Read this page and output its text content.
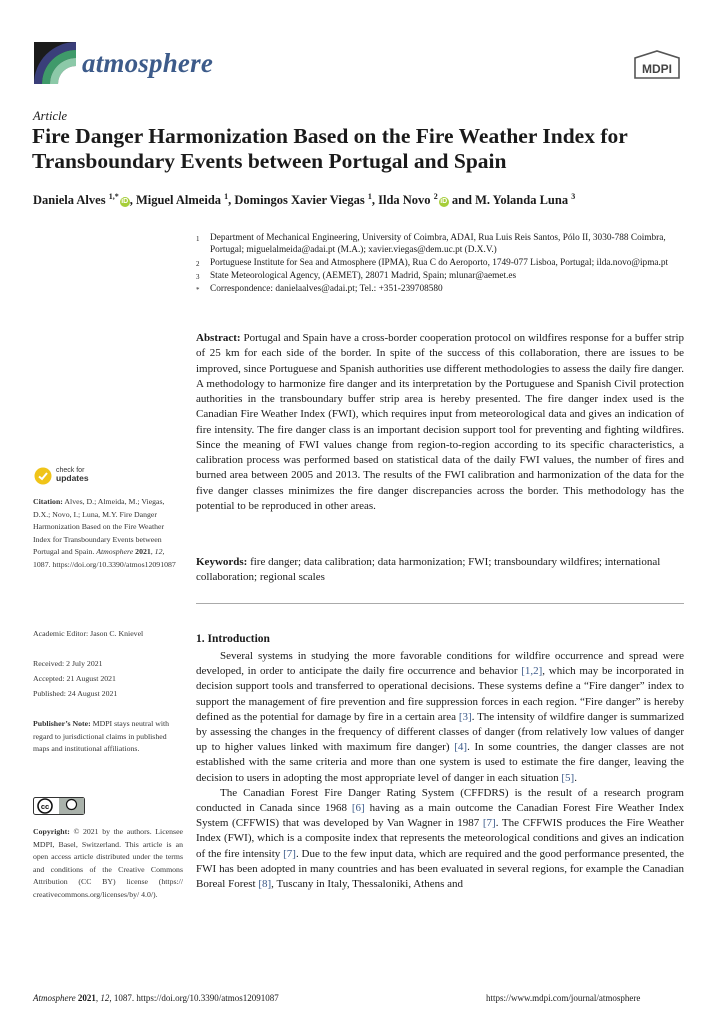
atmosphere	MDPI
Article
Fire Danger Harmonization Based on the Fire Weather Index for Transboundary Events between Portugal and Spain
Daniela Alves $^{1,*}$iD , Miguel Almeida $^1$, Domingos Xavier Viegas $^1$, Ilda Novo $^2$iD and M. Yolanda Luna $^3$
1	Department of Mechanical Engineering, University of Coimbra, ADAI, Rua Luis Reis Santos, Pólo II, 3030-788 Coimbra, Portugal; miguelalmeida@adai.pt (M.A.); xavier.viegas@dem.uc.pt (D.X.V.)
2	Portuguese Institute for Sea and Atmosphere (IPMA), Rua C do Aeroporto, 1749-077 Lisboa, Portugal; ilda.novo@ipma.pt
3	State Meteorological Agency, (AEMET), 28071 Madrid, Spain; mlunar@aemet.es
*	Correspondence: danielaalves@adai.pt; Tel.: +351-239708580
Abstract: Portugal and Spain have a cross-border cooperation protocol on wildfires response for a buffer strip of 25 km for each side of the border. In spite of the success of this collaboration, there are issues to be improved, since Portuguese and Spanish authorities use different methodologies to assess the daily fire danger. A methodology to harmonize fire danger and its interpretation by the Portuguese and Spanish Civil protection authorities in the transboundary buffer strip area is hereby presented. The fire danger index used is the Canadian Fire Weather Index (FWI), which requires input from meteorological data and gives an indication of fire intensity. The fire danger class is an important decision support tool for preventing and fighting wildfires. Since the meaning of FWI values change from region-to-region according to its specific characteristics, a calibration process was performed based on statistical data of the daily FWI values, the number of fires and burned area between 2005 and 2013. The results of the FWI calibration and harmonization of the data for the five danger classes minimizes the fire danger discrepancies across the border. This methodology has the potential to be reproduced in other areas.
Keywords: fire danger; data calibration; data harmonization; FWI; transboundary wildfires; international collaboration; regional scales
check for
updates
Citation: Alves, D.; Almeida, M.; Viegas, D.X.; Novo, I.; Luna, M.Y. Fire Danger Harmonization Based on the Fire Weather Index for Transboundary Events between Portugal and Spain. Atmosphere 2021, 12, 1087. https://doi.org/10.3390/atmos12091087
Academic Editor: Jason C. Knievel
Received: 2 July 2021
Accepted: 21 August 2021
Published: 24 August 2021
Publisher’s Note: MDPI stays neutral with regard to jurisdictional claims in published maps and institutional affiliations.
cc
Copyright: © 2021 by the authors. Licensee MDPI, Basel, Switzerland. This article is an open access article distributed under the terms and conditions of the Creative Commons Attribution (CC BY) license (https:// creativecommons.org/licenses/by/ 4.0/).
1. Introduction

Several systems in studying the more favorable conditions for wildfire occurrence and spread were developed, in order to anticipate the daily fire occurrence and behavior [1,2], which may be incorporated in decision support tools and transferred to operational decisions. These systems define a “Fire danger” index to support the management of fire prevention and fire suppression forces in each region. “Fire danger” is hereby defined as the potential for damage by fire in a certain area [3]. The intensity of wildfire danger is summarized by assessing the changes in the frequency of different classes of danger (from relatively low values of danger up to higher values linked with maximum fire danger) [4]. In some countries, the danger classes are not established with the same criteria and more than one system is used to estimate the fire danger, leaving the decision to users in adopting the most appropriate level of danger in each situation [5].

The Canadian Forest Fire Danger Rating System (CFFDRS) is the result of a research program conducted in Canada since 1968 [6] having as a main outcome the Canadian Forest Fire Weather Index System (CFFWIS) that was developed by Van Wagner in 1987 [7]. The CFFWIS produces the Fire Weather Index (FWI), which is a composite index that represents the meteorological conditions and gives an indication of the fire intensity [7]. Due to the few input data, which are required and the good performance presented, the FWI has been adopted in many countries and has been evaluated in several regions, for example the Canadian Boreal Forest [8], Tuscany in Italy, Thessaloniki, Athens and

Atmosphere 2021, 12, 1087. https://doi.org/10.3390/atmos12091087	https://www.mdpi.com/journal/atmosphere
